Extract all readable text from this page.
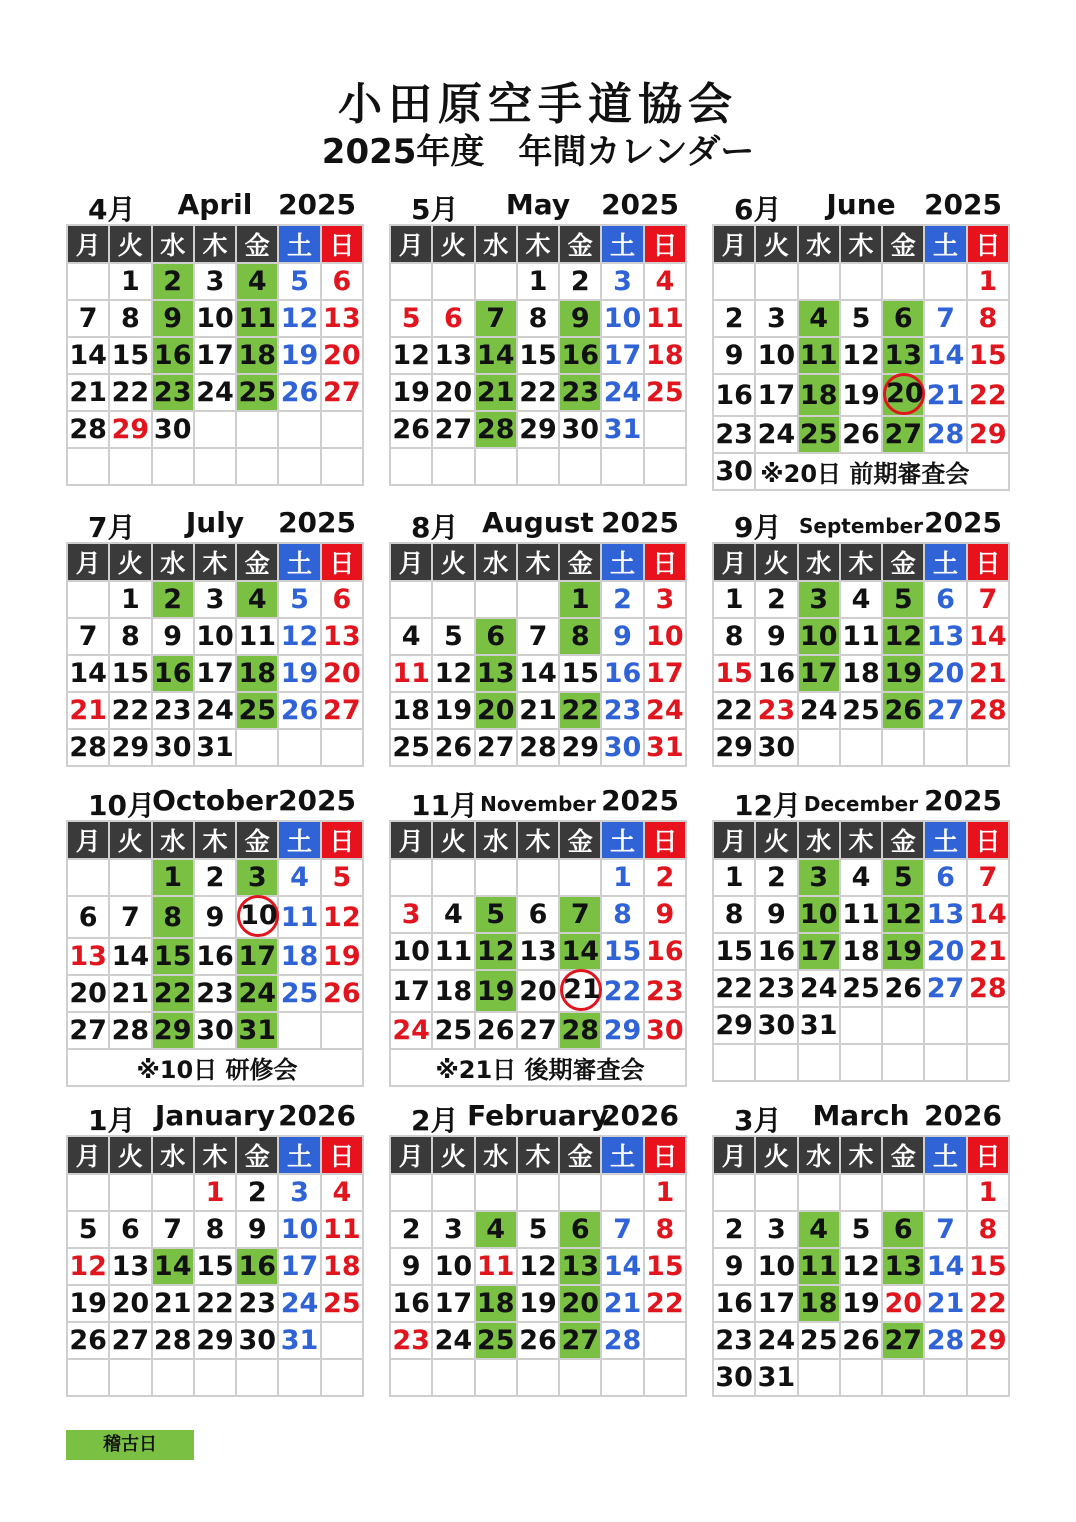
小田原空手道協会
2025年度　年間カレンダー
April
4月	2025
月	火	水	木	金	土	日
	1	2	3	4	5	6
7	8	9	10	11	12	13
14	15	16	17	18	19	20
21	22	23	24	25	26	27
28	29	30				

May
5月	2025
月	火	水	木	金	土	日
			1	2	3	4
5	6	7	8	9	10	11
12	13	14	15	16	17	18
19	20	21	22	23	24	25
26	27	28	29	30	31	

June
6月	2025
月	火	水	木	金	土	日
						1
2	3	4	5	6	7	8
9	10	11	12	13	14	15
16	17	18	19	20	21	22
23	24	25	26	27	28	29
30	※20日 前期審査会					
July
7月	2025
月	火	水	木	金	土	日
	1	2	3	4	5	6
7	8	9	10	11	12	13
14	15	16	17	18	19	20
21	22	23	24	25	26	27
28	29	30	31			
August
8月	2025
月	火	水	木	金	土	日
				1	2	3
4	5	6	7	8	9	10
11	12	13	14	15	16	17
18	19	20	21	22	23	24
25	26	27	28	29	30	31
September
9月	2025
月	火	水	木	金	土	日
1	2	3	4	5	6	7
8	9	10	11	12	13	14
15	16	17	18	19	20	21
22	23	24	25	26	27	28
29	30					
October
10月	2025
月	火	水	木	金	土	日
		1	2	3	4	5
6	7	8	9	10	11	12
13	14	15	16	17	18	19
20	21	22	23	24	25	26
27	28	29	30	31		
※10日 研修会						
November
11月	2025
月	火	水	木	金	土	日
					1	2
3	4	5	6	7	8	9
10	11	12	13	14	15	16
17	18	19	20	21	22	23
24	25	26	27	28	29	30
※21日 後期審査会						
December
12月	2025
月	火	水	木	金	土	日
1	2	3	4	5	6	7
8	9	10	11	12	13	14
15	16	17	18	19	20	21
22	23	24	25	26	27	28
29	30	31				

January
1月	2026
月	火	水	木	金	土	日
			1	2	3	4
5	6	7	8	9	10	11
12	13	14	15	16	17	18
19	20	21	22	23	24	25
26	27	28	29	30	31	

February
2月	2026
月	火	水	木	金	土	日
						1
2	3	4	5	6	7	8
9	10	11	12	13	14	15
16	17	18	19	20	21	22
23	24	25	26	27	28	

March
3月	2026
月	火	水	木	金	土	日
						1
2	3	4	5	6	7	8
9	10	11	12	13	14	15
16	17	18	19	20	21	22
23	24	25	26	27	28	29
30	31					
稽古日
